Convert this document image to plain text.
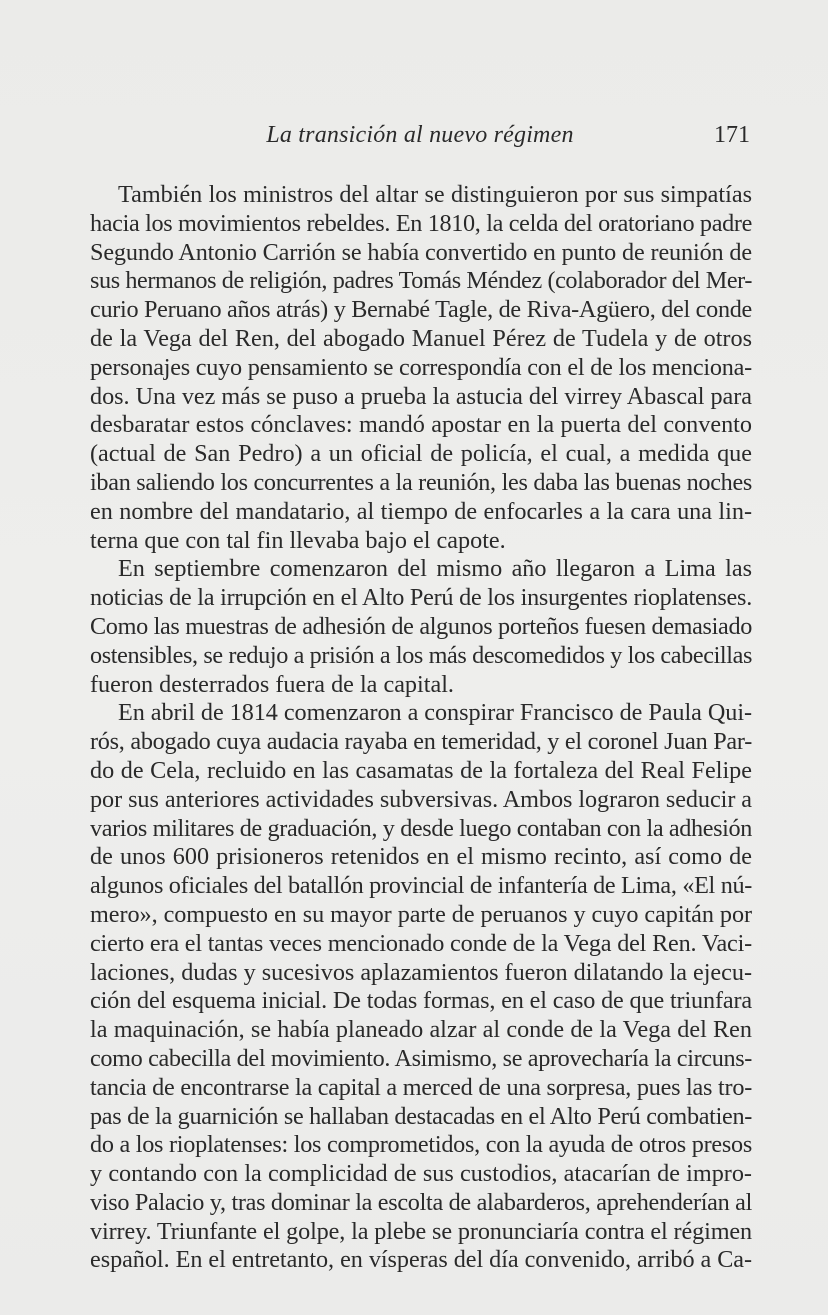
La transición al nuevo régimen	171
También los ministros del altar se distinguieron por sus simpatías
hacia los movimientos rebeldes. En 1810, la celda del oratoriano padre
Segundo Antonio Carrión se había convertido en punto de reunión de
sus hermanos de religión, padres Tomás Méndez (colaborador del Mer-
curio Peruano años atrás) y Bernabé Tagle, de Riva-Agüero, del conde
de la Vega del Ren, del abogado Manuel Pérez de Tudela y de otros
personajes cuyo pensamiento se correspondía con el de los menciona-
dos. Una vez más se puso a prueba la astucia del virrey Abascal para
desbaratar estos cónclaves: mandó apostar en la puerta del convento
(actual de San Pedro) a un oficial de policía, el cual, a medida que
iban saliendo los concurrentes a la reunión, les daba las buenas noches
en nombre del mandatario, al tiempo de enfocarles a la cara una lin-
terna que con tal fin llevaba bajo el capote.
En septiembre comenzaron del mismo año llegaron a Lima las
noticias de la irrupción en el Alto Perú de los insurgentes rioplatenses.
Como las muestras de adhesión de algunos porteños fuesen demasiado
ostensibles, se redujo a prisión a los más descomedidos y los cabecillas
fueron desterrados fuera de la capital.
En abril de 1814 comenzaron a conspirar Francisco de Paula Qui-
rós, abogado cuya audacia rayaba en temeridad, y el coronel Juan Par-
do de Cela, recluido en las casamatas de la fortaleza del Real Felipe
por sus anteriores actividades subversivas. Ambos lograron seducir a
varios militares de graduación, y desde luego contaban con la adhesión
de unos 600 prisioneros retenidos en el mismo recinto, así como de
algunos oficiales del batallón provincial de infantería de Lima, «El nú-
mero», compuesto en su mayor parte de peruanos y cuyo capitán por
cierto era el tantas veces mencionado conde de la Vega del Ren. Vaci-
laciones, dudas y sucesivos aplazamientos fueron dilatando la ejecu-
ción del esquema inicial. De todas formas, en el caso de que triunfara
la maquinación, se había planeado alzar al conde de la Vega del Ren
como cabecilla del movimiento. Asimismo, se aprovecharía la circuns-
tancia de encontrarse la capital a merced de una sorpresa, pues las tro-
pas de la guarnición se hallaban destacadas en el Alto Perú combatien-
do a los rioplatenses: los comprometidos, con la ayuda de otros presos
y contando con la complicidad de sus custodios, atacarían de impro-
viso Palacio y, tras dominar la escolta de alabarderos, aprehenderían al
virrey. Triunfante el golpe, la plebe se pronunciaría contra el régimen
español. En el entretanto, en vísperas del día convenido, arribó a Ca-
